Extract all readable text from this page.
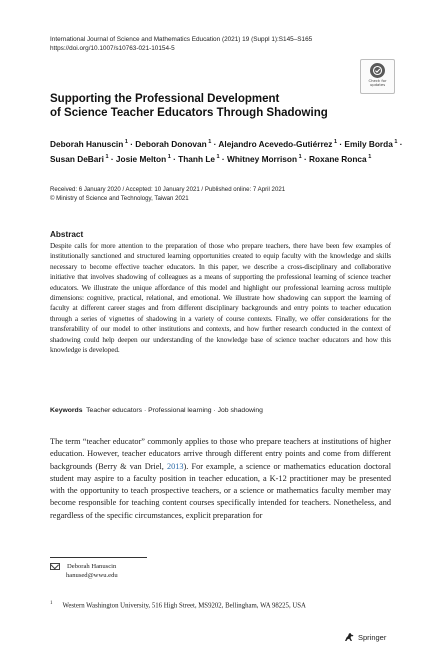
International Journal of Science and Mathematics Education (2021) 19 (Suppl 1):S145–S165
https://doi.org/10.1007/s10763-021-10154-5
Check for
updates
Supporting the Professional Development
of Science Teacher Educators Through Shadowing
Deborah Hanuscin $^1$ · Deborah Donovan $^1$ · Alejandro Acevedo-Gutiérrez $^1$ · Emily Borda $^1$ · Susan DeBari $^1$ · Josie Melton $^1$ · Thanh Le $^1$ · Whitney Morrison $^1$ · Roxane Ronca $^1$
Received: 6 January 2020 / Accepted: 10 January 2021 / Published online: 7 April 2021
© Ministry of Science and Technology, Taiwan 2021
Abstract
Despite calls for more attention to the preparation of those who prepare teachers, there have been few examples of institutionally sanctioned and structured learning opportunities created to equip faculty with the knowledge and skills necessary to become effective teacher educators. In this paper, we describe a cross-disciplinary and collaborative initiative that involves shadowing of colleagues as a means of supporting the professional learning of science teacher educators. We illustrate the unique affordance of this model and highlight our professional learning across multiple dimensions: cognitive, practical, relational, and emotional. We illustrate how shadowing can support the learning of faculty at different career stages and from different disciplinary backgrounds and entry points to teacher education through a series of vignettes of shadowing in a variety of course contexts. Finally, we offer considerations for the transferability of our model to other institutions and contexts, and how further research conducted in the context of shadowing could help deepen our understanding of the knowledge base of science teacher educators and how this knowledge is developed.
Keywords Teacher educators · Professional learning · Job shadowing
The term “teacher educator” commonly applies to those who prepare teachers at institutions of higher education. However, teacher educators arrive through different entry points and come from different backgrounds (Berry & van Driel, 2013). For example, a science or mathematics education doctoral student may aspire to a faculty position in teacher education, a K-12 practitioner may be presented with the opportunity to teach prospective teachers, or a science or mathematics faculty member may become responsible for teaching content courses specifically intended for teachers. Nonetheless, and regardless of the specific circumstances, explicit preparation for
Deborah Hanuscin
hanused@wwu.edu
$^1$ Western Washington University, 516 High Street, MS9202, Bellingham, WA 98225, USA
Springer
